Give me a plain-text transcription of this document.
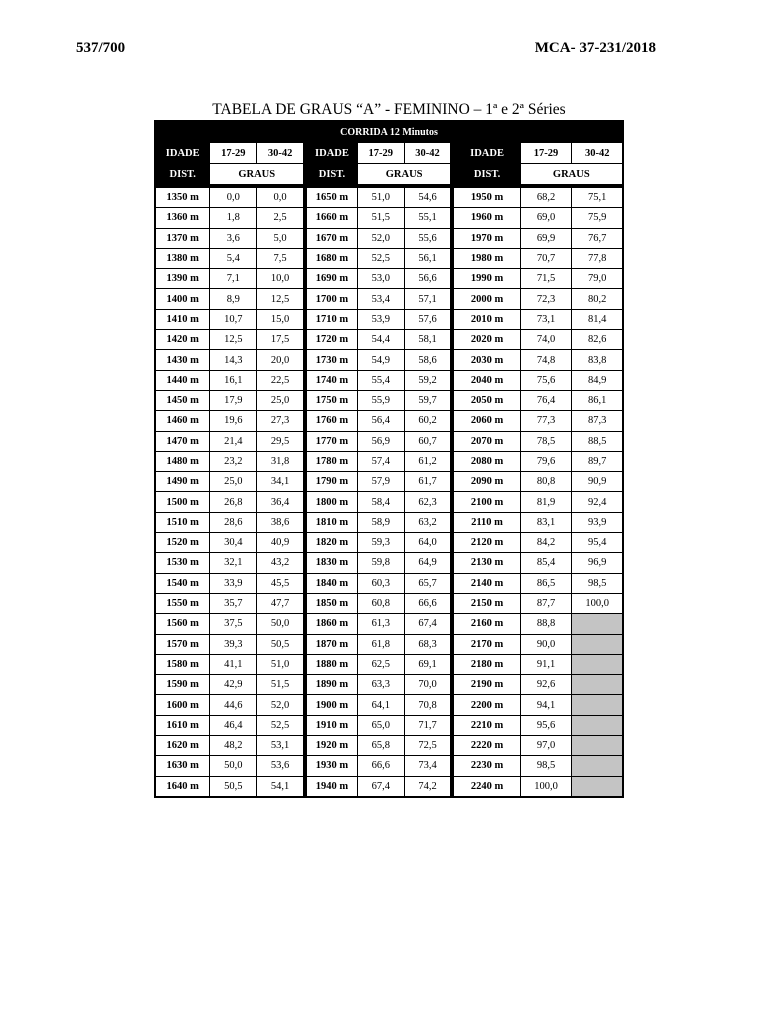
537/700	MCA- 37-231/2018
TABELA DE GRAUS “A” - FEMININO – 1ª e 2ª Séries
CORRIDA 12 Minutos										
IDADE	17-29	30-42		IDADE	17-29	30-42		IDADE	17-29	30-42
DIST.	GRAUS			DIST.	GRAUS			DIST.	GRAUS	

1350 m	0,0	0,0		1650 m	51,0	54,6		1950 m	68,2	75,1
1360 m	1,8	2,5		1660 m	51,5	55,1		1960 m	69,0	75,9
1370 m	3,6	5,0		1670 m	52,0	55,6		1970 m	69,9	76,7
1380 m	5,4	7,5		1680 m	52,5	56,1		1980 m	70,7	77,8
1390 m	7,1	10,0		1690 m	53,0	56,6		1990 m	71,5	79,0
1400 m	8,9	12,5		1700 m	53,4	57,1		2000 m	72,3	80,2
1410 m	10,7	15,0		1710 m	53,9	57,6		2010 m	73,1	81,4
1420 m	12,5	17,5		1720 m	54,4	58,1		2020 m	74,0	82,6
1430 m	14,3	20,0		1730 m	54,9	58,6		2030 m	74,8	83,8
1440 m	16,1	22,5		1740 m	55,4	59,2		2040 m	75,6	84,9
1450 m	17,9	25,0		1750 m	55,9	59,7		2050 m	76,4	86,1
1460 m	19,6	27,3		1760 m	56,4	60,2		2060 m	77,3	87,3
1470 m	21,4	29,5		1770 m	56,9	60,7		2070 m	78,5	88,5
1480 m	23,2	31,8		1780 m	57,4	61,2		2080 m	79,6	89,7
1490 m	25,0	34,1		1790 m	57,9	61,7		2090 m	80,8	90,9
1500 m	26,8	36,4		1800 m	58,4	62,3		2100 m	81,9	92,4
1510 m	28,6	38,6		1810 m	58,9	63,2		2110 m	83,1	93,9
1520 m	30,4	40,9		1820 m	59,3	64,0		2120 m	84,2	95,4
1530 m	32,1	43,2		1830 m	59,8	64,9		2130 m	85,4	96,9
1540 m	33,9	45,5		1840 m	60,3	65,7		2140 m	86,5	98,5
1550 m	35,7	47,7		1850 m	60,8	66,6		2150 m	87,7	100,0
1560 m	37,5	50,0		1860 m	61,3	67,4		2160 m	88,8	
1570 m	39,3	50,5		1870 m	61,8	68,3		2170 m	90,0	
1580 m	41,1	51,0		1880 m	62,5	69,1		2180 m	91,1	
1590 m	42,9	51,5		1890 m	63,3	70,0		2190 m	92,6	
1600 m	44,6	52,0		1900 m	64,1	70,8		2200 m	94,1	
1610 m	46,4	52,5		1910 m	65,0	71,7		2210 m	95,6	
1620 m	48,2	53,1		1920 m	65,8	72,5		2220 m	97,0	
1630 m	50,0	53,6		1930 m	66,6	73,4		2230 m	98,5	
1640 m	50,5	54,1		1940 m	67,4	74,2		2240 m	100,0	
